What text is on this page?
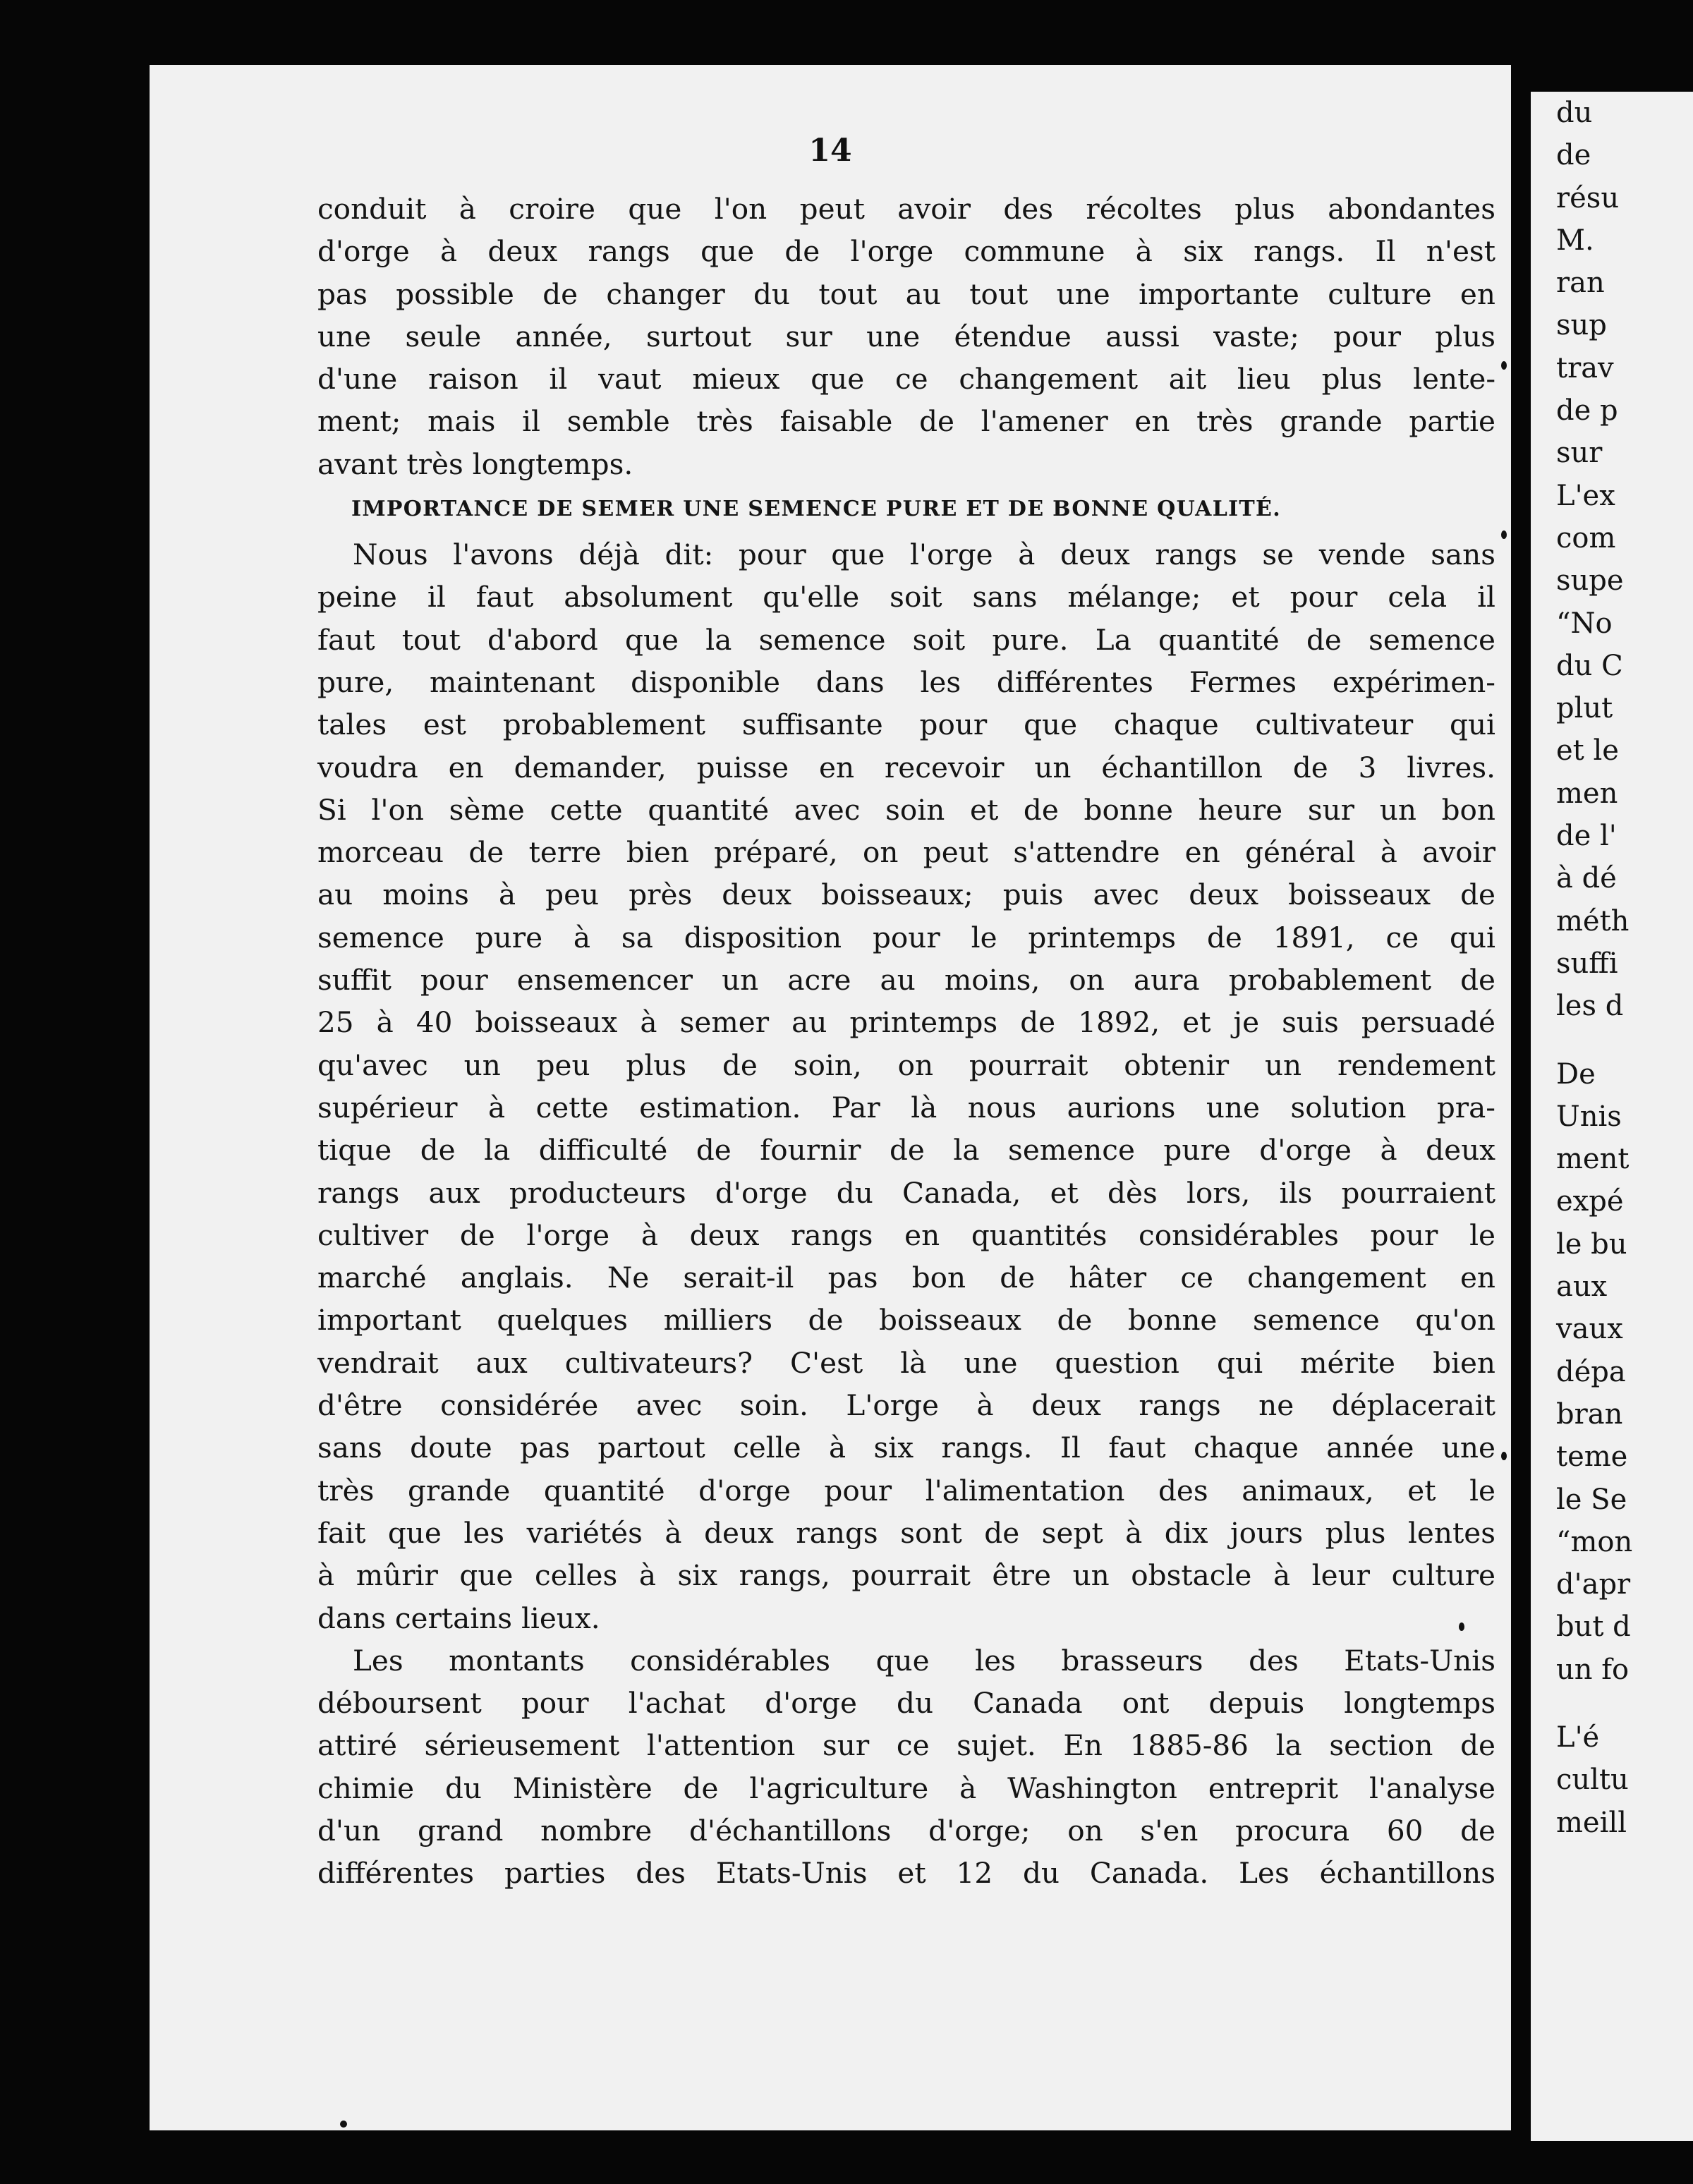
14
conduit à croire que l'on peut avoir des récoltes plus abondantes
d'orge à deux rangs que de l'orge commune à six rangs. Il n'est
pas possible de changer du tout au tout une importante culture en
une seule année, surtout sur une étendue aussi vaste; pour plus
d'une raison il vaut mieux que ce changement ait lieu plus lente-
ment; mais il semble très faisable de l'amener en très grande partie
avant très longtemps.
IMPORTANCE DE SEMER UNE SEMENCE PURE ET DE BONNE QUALITÉ.
Nous l'avons déjà dit: pour que l'orge à deux rangs se vende sans
peine il faut absolument qu'elle soit sans mélange; et pour cela il
faut tout d'abord que la semence soit pure. La quantité de semence
pure, maintenant disponible dans les différentes Fermes expérimen-
tales est probablement suffisante pour que chaque cultivateur qui
voudra en demander, puisse en recevoir un échantillon de 3 livres.
Si l'on sème cette quantité avec soin et de bonne heure sur un bon
morceau de terre bien préparé, on peut s'attendre en général à avoir
au moins à peu près deux boisseaux; puis avec deux boisseaux de
semence pure à sa disposition pour le printemps de 1891, ce qui
suffit pour ensemencer un acre au moins, on aura probablement de
25 à 40 boisseaux à semer au printemps de 1892, et je suis persuadé
qu'avec un peu plus de soin, on pourrait obtenir un rendement
supérieur à cette estimation. Par là nous aurions une solution pra-
tique de la difficulté de fournir de la semence pure d'orge à deux
rangs aux producteurs d'orge du Canada, et dès lors, ils pourraient
cultiver de l'orge à deux rangs en quantités considérables pour le
marché anglais. Ne serait-il pas bon de hâter ce changement en
important quelques milliers de boisseaux de bonne semence qu'on
vendrait aux cultivateurs? C'est là une question qui mérite bien
d'être considérée avec soin. L'orge à deux rangs ne déplacerait
sans doute pas partout celle à six rangs. Il faut chaque année une
très grande quantité d'orge pour l'alimentation des animaux, et le
fait que les variétés à deux rangs sont de sept à dix jours plus lentes
à mûrir que celles à six rangs, pourrait être un obstacle à leur culture
dans certains lieux.
Les montants considérables que les brasseurs des Etats-Unis
déboursent pour l'achat d'orge du Canada ont depuis longtemps
attiré sérieusement l'attention sur ce sujet. En 1885-86 la section de
chimie du Ministère de l'agriculture à Washington entreprit l'analyse
d'un grand nombre d'échantillons d'orge; on s'en procura 60 de
différentes parties des Etats-Unis et 12 du Canada. Les échantillons
du
de
résu
M.
ran
sup
trav
de p
sur
L'ex
com
supe
“No
du C
plut
et le
men
de l'
à dé
méth
suffi
les d
De
Unis
ment
expé
le bu
aux
vaux
dépa
bran
teme
le Se
“mon
d'apr
but d
un fo
L'é
cultu
meill
